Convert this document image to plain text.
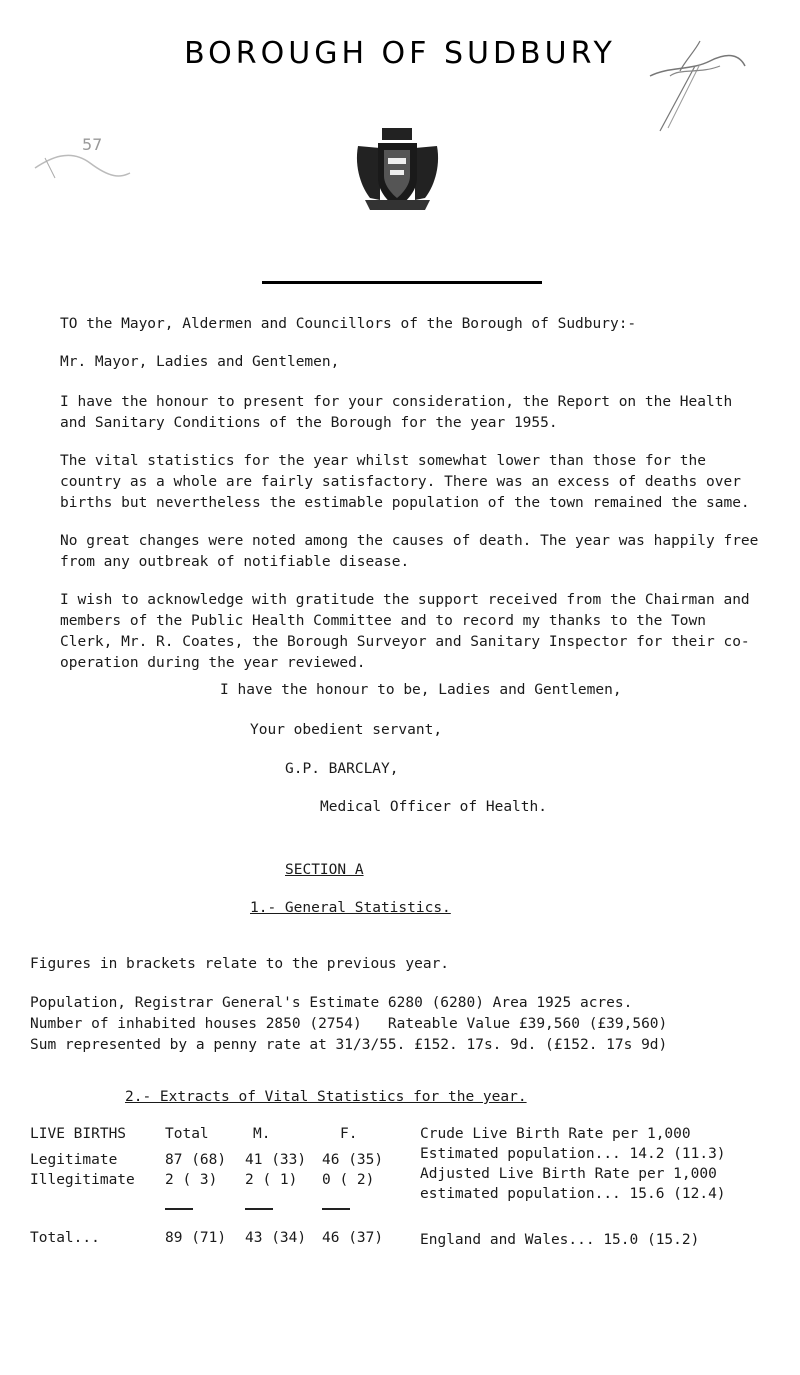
BOROUGH OF SUDBURY
57
TO the Mayor, Aldermen and Councillors of the Borough of Sudbury:-
Mr. Mayor, Ladies and Gentlemen,
I have the honour to present for your consideration, the Report on the Health and Sanitary Conditions of the Borough for the year 1955.
The vital statistics for the year whilst somewhat lower than those for the country as a whole are fairly satisfactory. There was an excess of deaths over births but nevertheless the estimable population of the town remained the same.
No great changes were noted among the causes of death. The year was happily free from any outbreak of notifiable disease.
I wish to acknowledge with gratitude the support received from the Chairman and members of the Public Health Committee and to record my thanks to the Town Clerk, Mr. R. Coates, the Borough Surveyor and Sanitary Inspector for their co-operation during the year reviewed.
I have the honour to be, Ladies and Gentlemen,
Your obedient servant,
G.P. BARCLAY,
Medical Officer of Health.
SECTION A
1.- General Statistics.
Figures in brackets relate to the previous year.
Population, Registrar General's Estimate 6280 (6280) Area 1925 acres.
Number of inhabited houses 2850 (2754)   Rateable Value £39,560 (£39,560)
Sum represented by a penny rate at 31/3/55. £152. 17s. 9d. (£152. 17s 9d)
2.- Extracts of Vital Statistics for the year.
LIVE BIRTHS	Total	M.	F.
Legitimate	87 (68) 41 (33) 46 (35)
Illegitimate 2 ( 3) 2 ( 1) 0 ( 2)
Total...	89 (71) 43 (34) 46 (37)
Crude Live Birth Rate per 1,000
Estimated population... 14.2 (11.3)
Adjusted Live Birth Rate per 1,000
estimated population... 15.6 (12.4)
England and Wales... 15.0 (15.2)
